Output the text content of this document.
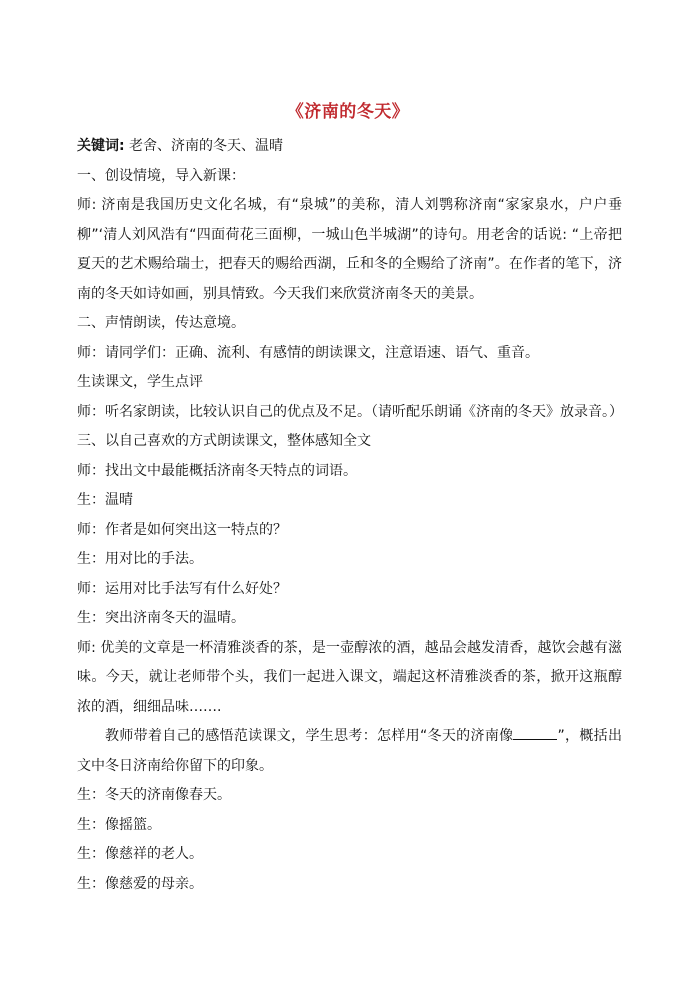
《济南的冬天》

关键词: 老舍、济南的冬天、温晴

一、创设情境，导入新课：

师: 济南是我国历史文化名城，有“泉城”的美称，清人刘鹗称济南“家家泉水，户户垂柳”‘清人刘风浩有“四面荷花三面柳，一城山色半城湖”的诗句。用老舍的话说: “上帝把夏天的艺术赐给瑞士，把春天的赐给西湖，丘和冬的全赐给了济南”。在作者的笔下，济南的冬天如诗如画，别具情致。今天我们来欣赏济南冬天的美景。

二、声情朗读，传达意境。

师：请同学们：正确、流利、有感情的朗读课文，注意语速、语气、重音。

生读课文，学生点评

师：听名家朗读，比较认识自己的优点及不足。（请听配乐朗诵《济南的冬天》放录音。）

三、以自己喜欢的方式朗读课文，整体感知全文

师：找出文中最能概括济南冬天特点的词语。

生：温晴

师：作者是如何突出这一特点的？

生：用对比的手法。

师：运用对比手法写有什么好处？

生：突出济南冬天的温晴。

师: 优美的文章是一杯清雅淡香的茶，是一壶醇浓的酒，越品会越发清香，越饮会越有滋味。今天，就让老师带个头，我们一起进入课文，端起这杯清雅淡香的茶，掀开这瓶醇浓的酒，细细品味…….

教师带着自己的感悟范读课文，学生思考：怎样用“冬天的济南像	”，概括出文中冬日济南给你留下的印象。

生：冬天的济南像春天。

生：像摇篮。

生：像慈祥的老人。

生：像慈爱的母亲。
